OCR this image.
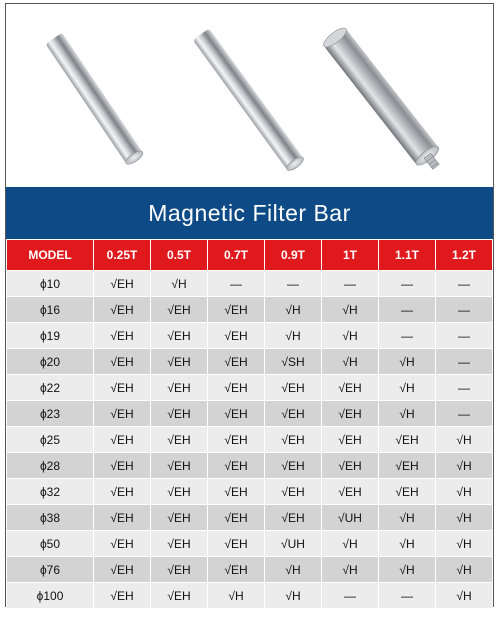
Magnetic Filter Bar
MODEL	0.25T	0.5T	0.7T	0.9T	1T	1.1T	1.2T
ϕ10	√EH	√H	—	—	—	—	—
ϕ16	√EH	√EH	√EH	√H	√H	—	—
ϕ19	√EH	√EH	√EH	√H	√H	—	—
ϕ20	√EH	√EH	√EH	√SH	√H	√H	—
ϕ22	√EH	√EH	√EH	√EH	√EH	√H	—
ϕ23	√EH	√EH	√EH	√EH	√EH	√H	—
ϕ25	√EH	√EH	√EH	√EH	√EH	√EH	√H
ϕ28	√EH	√EH	√EH	√EH	√EH	√EH	√H
ϕ32	√EH	√EH	√EH	√EH	√EH	√EH	√H
ϕ38	√EH	√EH	√EH	√EH	√UH	√H	√H
ϕ50	√EH	√EH	√EH	√UH	√H	√H	√H
ϕ76	√EH	√EH	√EH	√H	√H	√H	√H
ϕ100	√EH	√EH	√H	√H	—	—	√H
